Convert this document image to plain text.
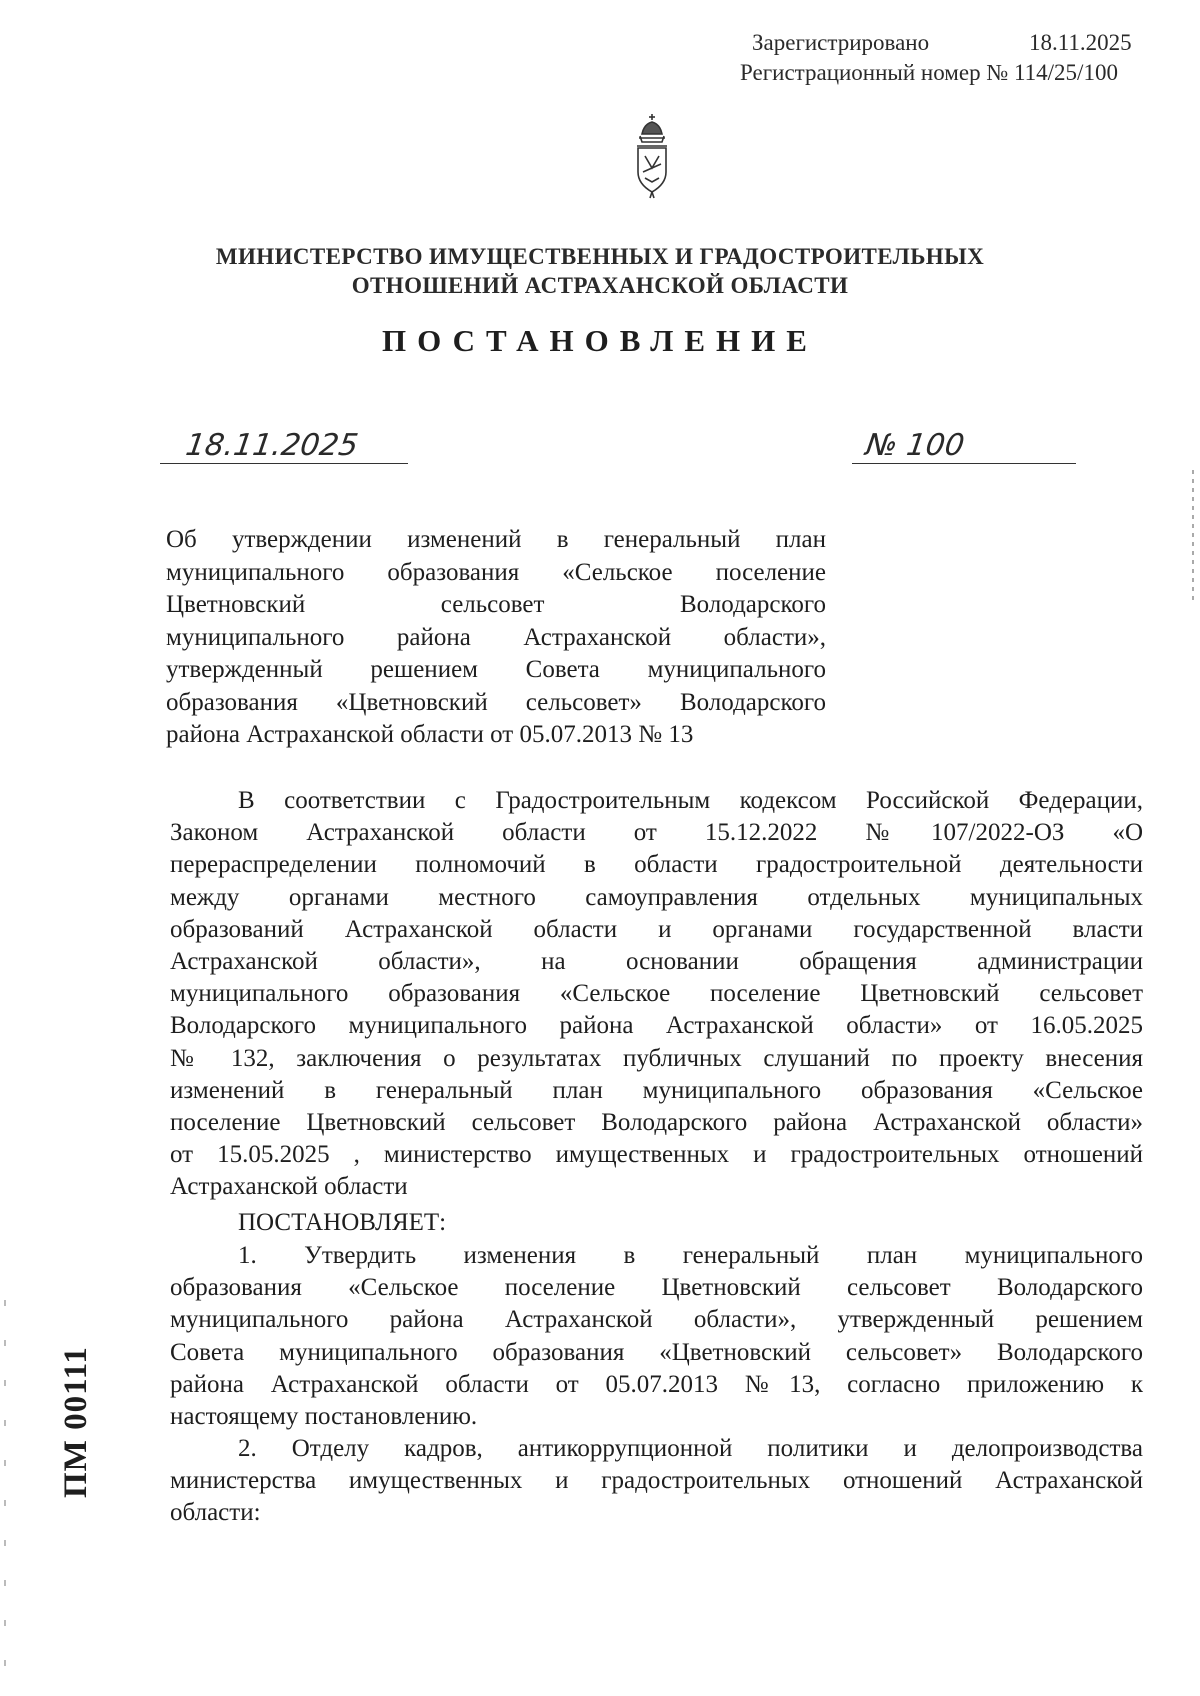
Зарегистрировано	18.11.2025
Регистрационный номер № 114/25/100
МИНИСТЕРСТВО ИМУЩЕСТВЕННЫХ И ГРАДОСТРОИТЕЛЬНЫХ
ОТНОШЕНИЙ АСТРАХАНСКОЙ ОБЛАСТИ
ПОСТАНОВЛЕНИЕ
18.11.2025	№ 100
Об утверждении изменений в генеральный план
муниципального образования «Сельское поселение
Цветновский сельсовет Володарского
муниципального района Астраханской области»,
утвержденный решением Совета муниципального
образования «Цветновский сельсовет» Володарского
района Астраханской области от 05.07.2013 № 13
В соответствии с Градостроительным кодексом Российской Федерации,
Законом Астраханской области от 15.12.2022 №107/2022-ОЗ «О
перераспределении полномочий в области градостроительной деятельности
между органами местного самоуправления отдельных муниципальных
образований Астраханской области и органами государственной власти
Астраханской области», на основании обращения администрации
муниципального образования «Сельское поселение Цветновский сельсовет
Володарского муниципального района Астраханской области» от 16.05.2025
№ 132, заключения о результатах публичных слушаний по проекту внесения
изменений в генеральный план муниципального образования «Сельское
поселение Цветновский сельсовет Володарского района Астраханской области»
от 15.05.2025 , министерство имущественных и градостроительных отношений
Астраханской области
ПОСТАНОВЛЯЕТ:
1. Утвердить изменения в генеральный план муниципального
образования «Сельское поселение Цветновский сельсовет Володарского
муниципального района Астраханской области», утвержденный решением
Совета муниципального образования «Цветновский сельсовет» Володарского
района Астраханской области от 05.07.2013 №13, согласно приложению к
настоящему постановлению.
2. Отделу кадров, антикоррупционной политики и делопроизводства
министерства имущественных и градостроительных отношений Астраханской
области:
ПМ 00111
